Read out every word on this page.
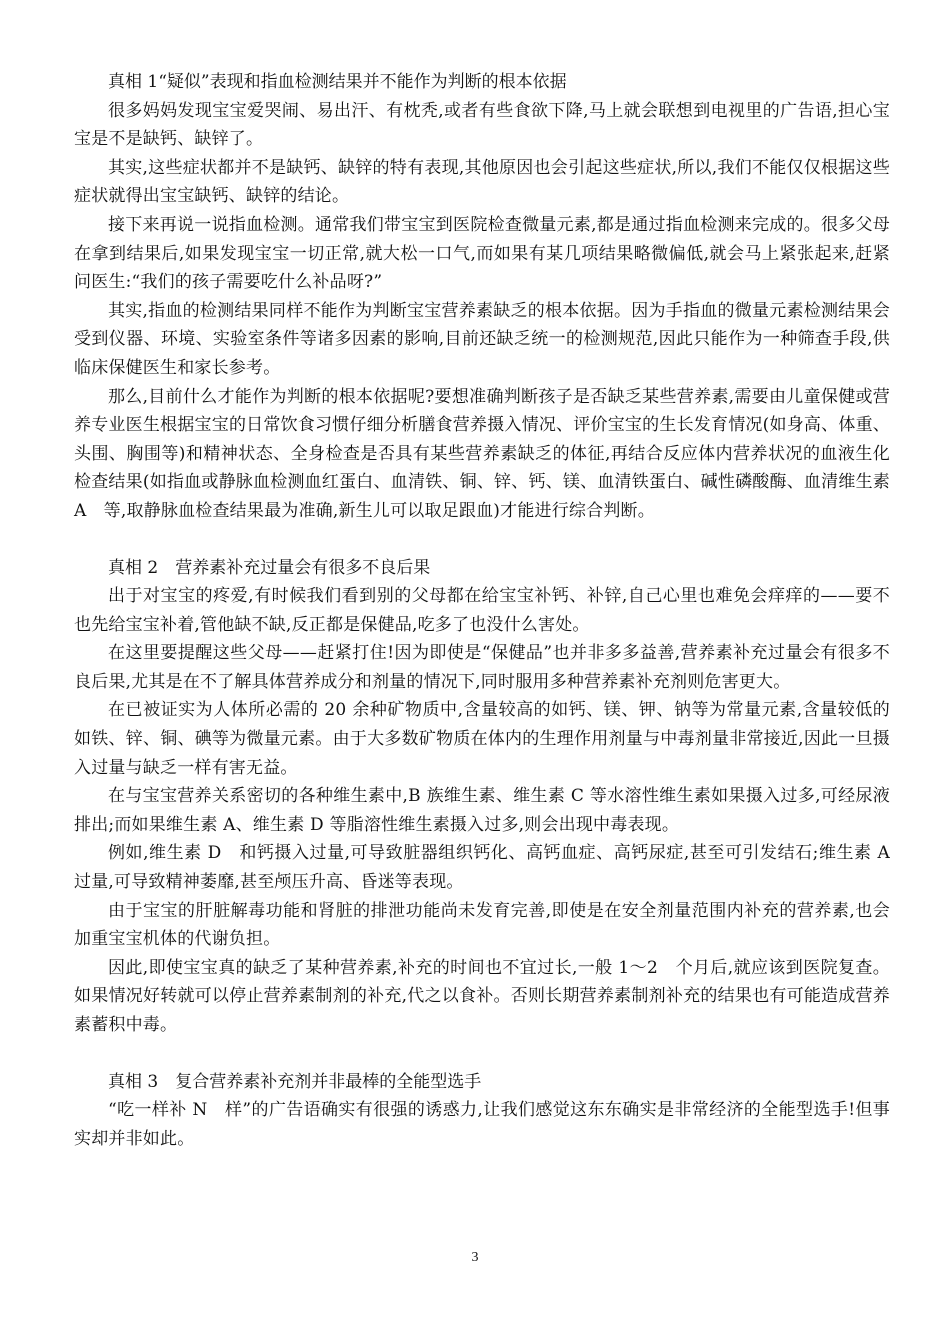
真相 1“疑似”表现和指血检测结果并不能作为判断的根本依据

很多妈妈发现宝宝爱哭闹、易出汗、有枕秃,或者有些食欲下降,马上就会联想到电视里的广告语,担心宝宝是不是缺钙、缺锌了。

其实,这些症状都并不是缺钙、缺锌的特有表现,其他原因也会引起这些症状,所以,我们不能仅仅根据这些症状就得出宝宝缺钙、缺锌的结论。

接下来再说一说指血检测。通常我们带宝宝到医院检查微量元素,都是通过指血检测来完成的。很多父母在拿到结果后,如果发现宝宝一切正常,就大松一口气,而如果有某几项结果略微偏低,就会马上紧张起来,赶紧问医生:“我们的孩子需要吃什么补品呀?”

其实,指血的检测结果同样不能作为判断宝宝营养素缺乏的根本依据。因为手指血的微量元素检测结果会受到仪器、环境、实验室条件等诸多因素的影响,目前还缺乏统一的检测规范,因此只能作为一种筛查手段,供临床保健医生和家长参考。

那么,目前什么才能作为判断的根本依据呢?要想准确判断孩子是否缺乏某些营养素,需要由儿童保健或营养专业医生根据宝宝的日常饮食习惯仔细分析膳食营养摄入情况、评价宝宝的生长发育情况(如身高、体重、头围、胸围等)和精神状态、全身检查是否具有某些营养素缺乏的体征,再结合反应体内营养状况的血液生化检查结果(如指血或静脉血检测血红蛋白、血清铁、铜、锌、钙、镁、血清铁蛋白、碱性磷酸酶、血清维生素 A　等,取静脉血检查结果最为准确,新生儿可以取足跟血)才能进行综合判断。

真相 2　营养素补充过量会有很多不良后果

出于对宝宝的疼爱,有时候我们看到别的父母都在给宝宝补钙、补锌,自己心里也难免会痒痒的——要不也先给宝宝补着,管他缺不缺,反正都是保健品,吃多了也没什么害处。

在这里要提醒这些父母——赶紧打住!因为即使是“保健品”也并非多多益善,营养素补充过量会有很多不良后果,尤其是在不了解具体营养成分和剂量的情况下,同时服用多种营养素补充剂则危害更大。

在已被证实为人体所必需的 20 余种矿物质中,含量较高的如钙、镁、钾、钠等为常量元素,含量较低的如铁、锌、铜、碘等为微量元素。由于大多数矿物质在体内的生理作用剂量与中毒剂量非常接近,因此一旦摄入过量与缺乏一样有害无益。

在与宝宝营养关系密切的各种维生素中,B 族维生素、维生素 C 等水溶性维生素如果摄入过多,可经尿液排出;而如果维生素 A、维生素 D 等脂溶性维生素摄入过多,则会出现中毒表现。

例如,维生素 D　和钙摄入过量,可导致脏器组织钙化、高钙血症、高钙尿症,甚至可引发结石;维生素 A　过量,可导致精神萎靡,甚至颅压升高、昏迷等表现。

由于宝宝的肝脏解毒功能和肾脏的排泄功能尚未发育完善,即使是在安全剂量范围内补充的营养素,也会加重宝宝机体的代谢负担。

因此,即使宝宝真的缺乏了某种营养素,补充的时间也不宜过长,一般 1～2　个月后,就应该到医院复查。如果情况好转就可以停止营养素制剂的补充,代之以食补。否则长期营养素制剂补充的结果也有可能造成营养素蓄积中毒。

真相 3　复合营养素补充剂并非最棒的全能型选手

“吃一样补 N　样”的广告语确实有很强的诱惑力,让我们感觉这东东确实是非常经济的全能型选手!但事实却并非如此。

3
